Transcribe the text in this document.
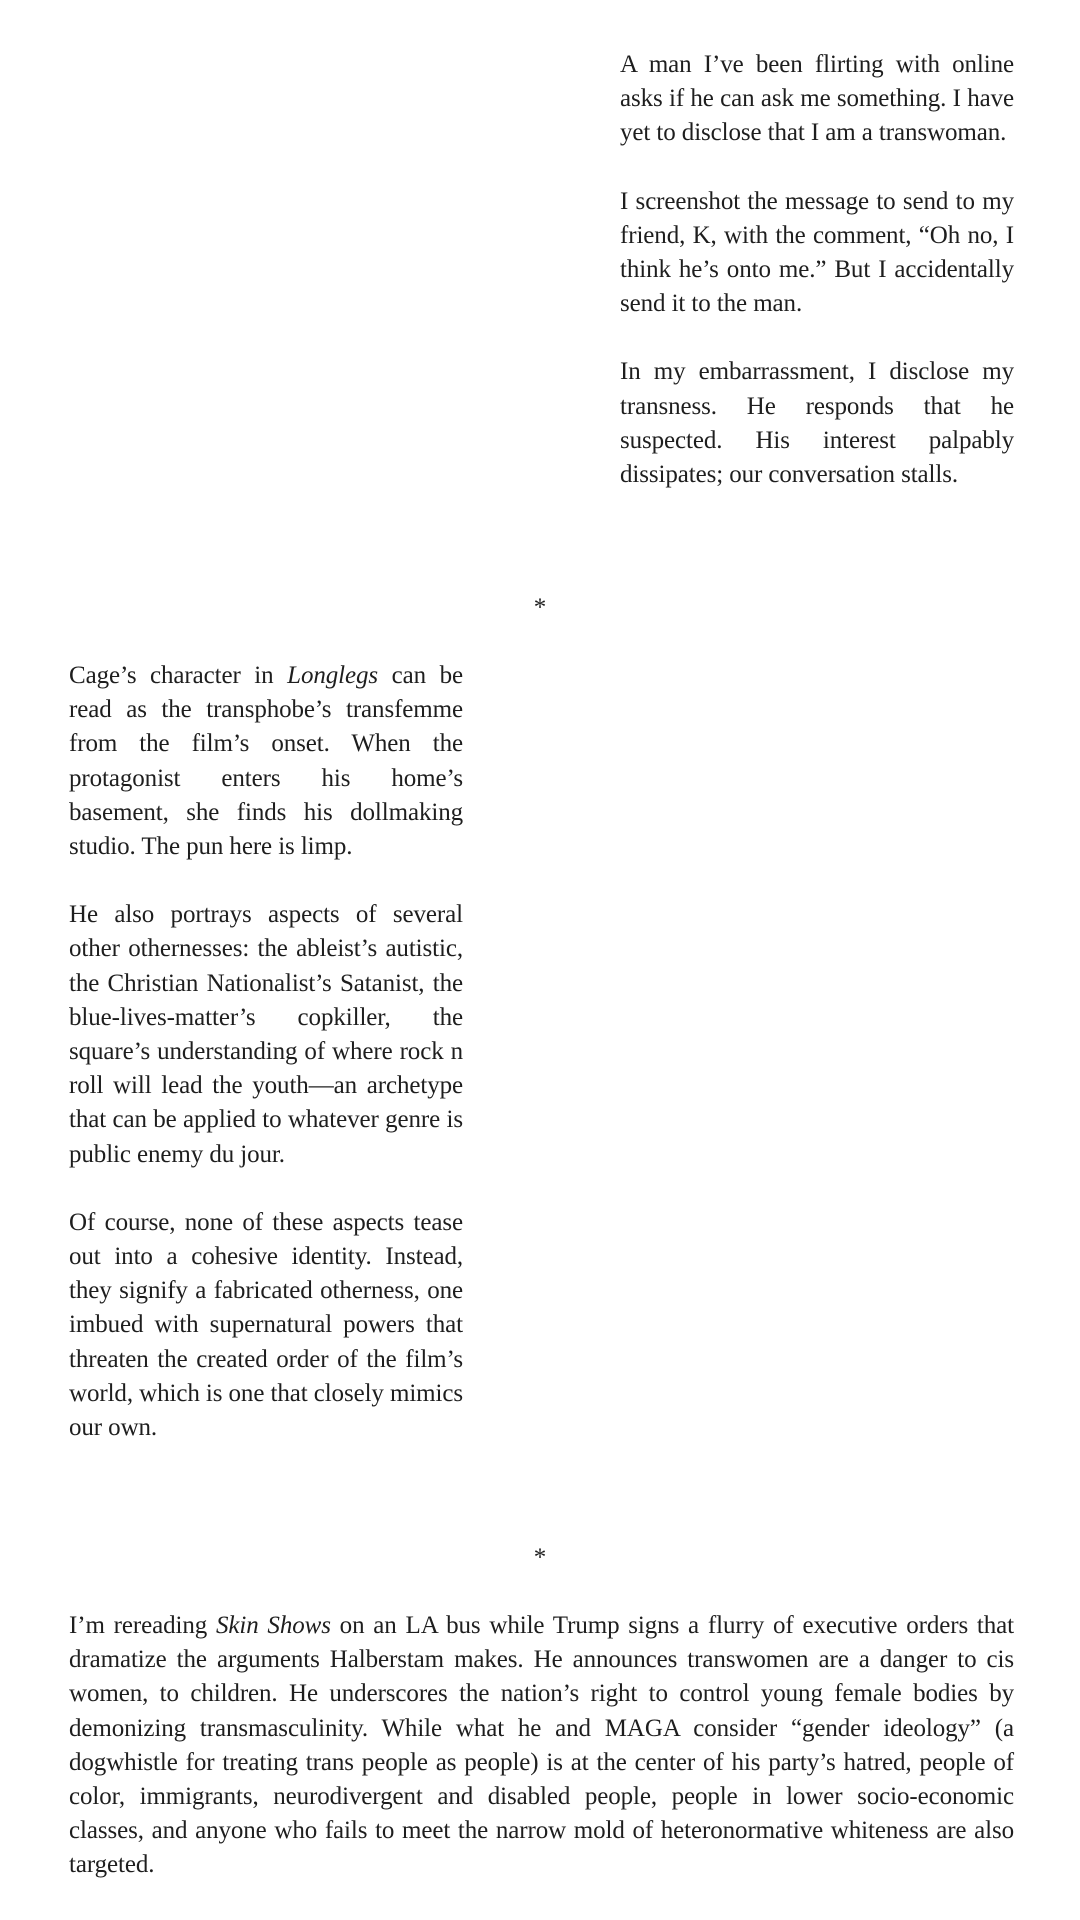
A man I’ve been flirting with online asks if he can ask me something. I have yet to disclose that I am a transwoman.

I screenshot the message to send to my friend, K, with the comment, “Oh no, I think he’s onto me.” But I accidentally send it to the man.

In my embarrassment, I disclose my transness. He responds that he suspected. His interest palpably dissipates; our conversation stalls.

*

Cage’s character in Longlegs can be read as the transphobe’s transfemme from the film’s onset. When the protagonist enters his home’s basement, she finds his dollmaking studio. The pun here is limp.

He also portrays aspects of several other othernesses: the ableist’s autistic, the Christian Nationalist’s Satanist, the blue-lives-matter’s copkiller, the square’s understanding of where rock n roll will lead the youth—an archetype that can be applied to whatever genre is public enemy du jour.

Of course, none of these aspects tease out into a cohesive identity. Instead, they signify a fabricated otherness, one imbued with supernatural powers that threaten the created order of the film’s world, which is one that closely mimics our own.

*

I’m rereading Skin Shows on an LA bus while Trump signs a flurry of executive orders that dramatize the arguments Halberstam makes. He announces transwomen are a danger to cis women, to children. He underscores the nation’s right to control young female bodies by demonizing transmasculinity. While what he and MAGA consider “gender ideology” (a dogwhistle for treating trans people as people) is at the center of his party’s hatred, people of color, immigrants, neurodivergent and disabled people, people in lower socio-economic classes, and anyone who fails to meet the narrow mold of heteronormative whiteness are also targeted.
